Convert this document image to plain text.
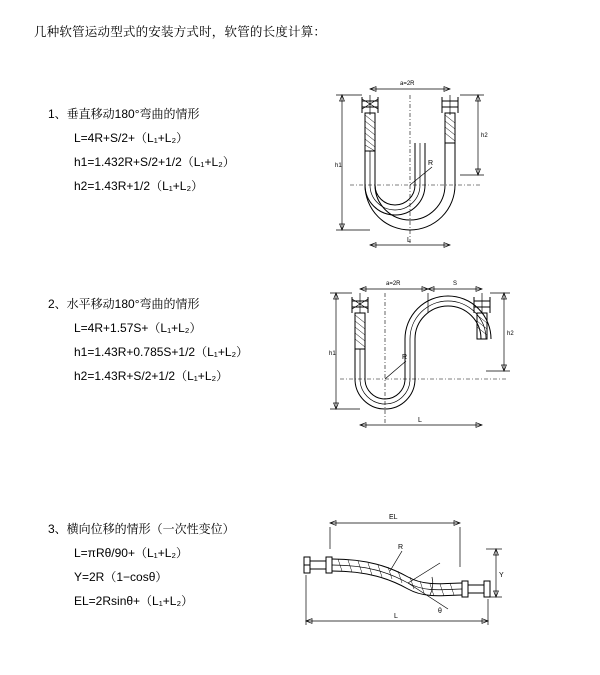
几种软管运动型式的安装方式时，软管的长度计算：
1、垂直移动180°弯曲的情形
L=4R+S/2+（L₁+L₂）
h1=1.432R+S/2+1/2（L₁+L₂）
h2=1.43R+1/2（L₁+L₂）
a=2R
R
h1
h2
L
2、水平移动180°弯曲的情形
L=4R+1.57S+（L₁+L₂）
h1=1.43R+0.785S+1/2（L₁+L₂）
h2=1.43R+S/2+1/2（L₁+L₂）
a=2R	S
R
h1
h2
L
3、横向位移的情形（一次性变位）
L=πRθ/90+（L₁+L₂）
Y=2R（1−cosθ）
EL=2Rsinθ+（L₁+L₂）
EL
θ
R
Y
L
